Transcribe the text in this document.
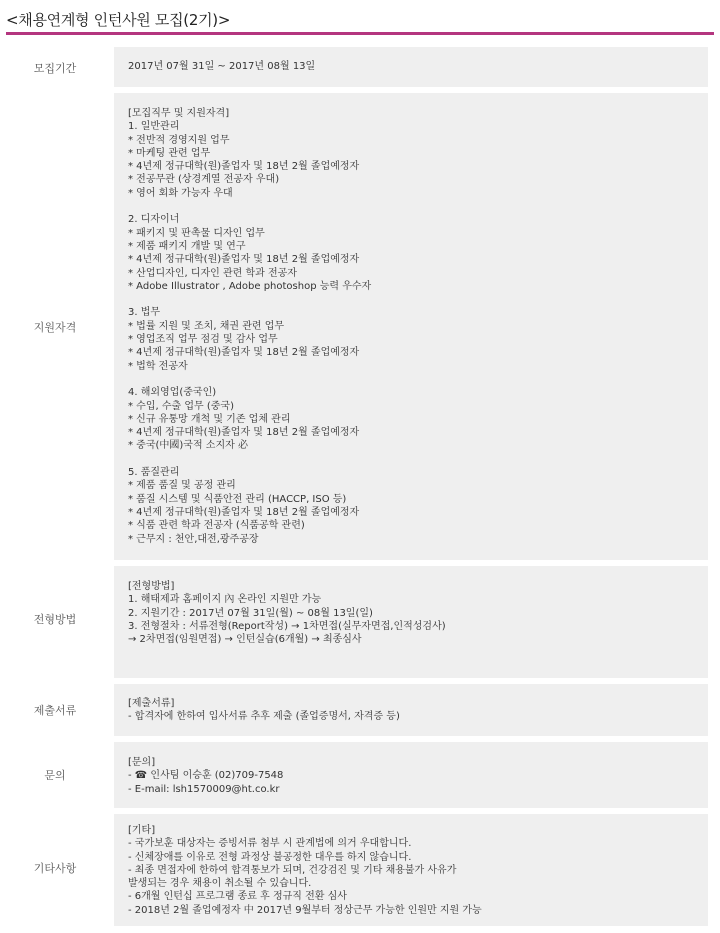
<채용연계형 인턴사원 모집(2기)>
모집기간	2017년 07월 31일 ~ 2017년 08월 13일
지원자격
[모집직무 및 지원자격]
1. 일반관리
* 전반적 경영지원 업무
* 마케팅 관련 업무
* 4년제 정규대학(원)졸업자 및 18년 2월 졸업예정자
* 전공무관 (상경계열 전공자 우대)
* 영어 회화 가능자 우대
2. 디자이너
* 패키지 및 판촉물 디자인 업무
* 제품 패키지 개발 및 연구
* 4년제 정규대학(원)졸업자 및 18년 2월 졸업예정자
* 산업디자인, 디자인 관련 학과 전공자
* Adobe Illustrator , Adobe photoshop 능력 우수자
3. 법무
* 법률 지원 및 조치, 채권 관련 업무
* 영업조직 업무 점검 및 감사 업무
* 4년제 정규대학(원)졸업자 및 18년 2월 졸업예정자
* 법학 전공자
4. 해외영업(중국인)
* 수입, 수출 업무 (중국)
* 신규 유통망 개척 및 기존 업체 관리
* 4년제 정규대학(원)졸업자 및 18년 2월 졸업예정자
* 중국(中國)국적 소지자 必
5. 품질관리
* 제품 품질 및 공정 관리
* 품질 시스템 및 식품안전 관리 (HACCP, ISO 등)
* 4년제 정규대학(원)졸업자 및 18년 2월 졸업예정자
* 식품 관련 학과 전공자 (식품공학 관련)
* 근무지 : 천안,대전,광주공장
전형방법
[전형방법]
1. 해태제과 홈페이지 內 온라인 지원만 가능
2. 지원기간 : 2017년 07월 31일(월) ~ 08월 13일(일)
3. 전형절차 : 서류전형(Report작성) → 1차면접(실무자면접,인적성검사)
→ 2차면접(임원면접) → 인턴실습(6개월) → 최종심사
제출서류
[제출서류]
- 합격자에 한하여 입사서류 추후 제출 (졸업증명서, 자격증 등)
문의
[문의]
- ☎ 인사팀 이승훈 (02)709-7548
- E-mail: lsh1570009@ht.co.kr
기타사항
[기타]
- 국가보훈 대상자는 증빙서류 첨부 시 관계법에 의거 우대합니다.
- 신체장애를 이유로 전형 과정상 불공정한 대우를 하지 않습니다.
- 최종 면접자에 한하여 합격통보가 되며, 건강검진 및 기타 채용불가 사유가
발생되는 경우 채용이 취소될 수 있습니다.
- 6개월 인턴십 프로그램 종료 후 정규직 전환 심사
- 2018년 2월 졸업예정자 中 2017년 9월부터 정상근무 가능한 인원만 지원 가능
